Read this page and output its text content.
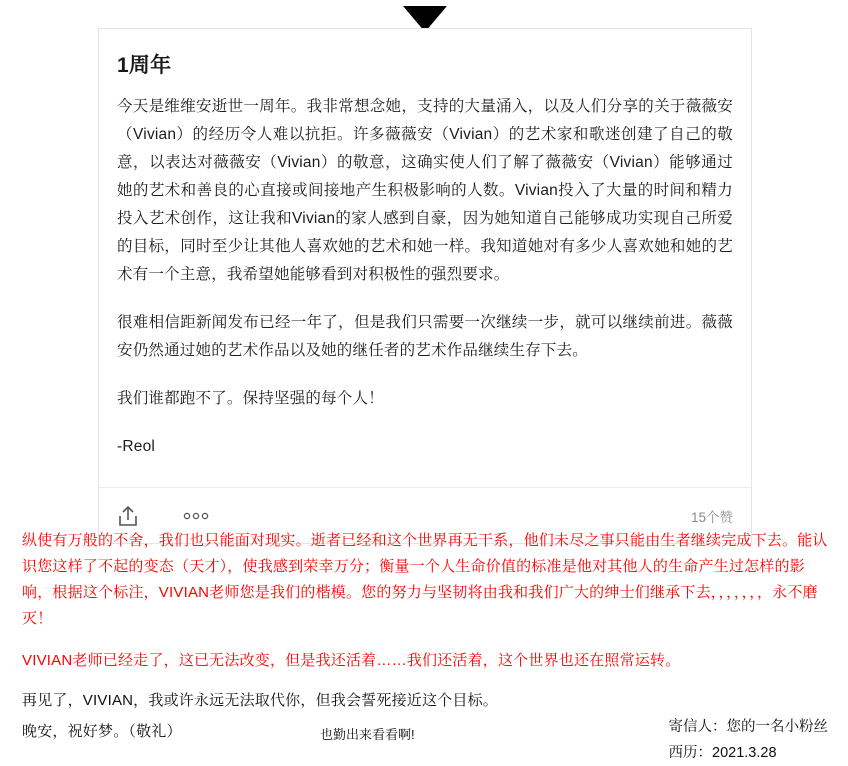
1周年

今天是维维安逝世一周年。我非常想念她，支持的大量涌入，以及人们分享的关于薇薇安（Vivian）的经历令人难以抗拒。许多薇薇安（Vivian）的艺术家和歌迷创建了自己的敬意，以表达对薇薇安（Vivian）的敬意，这确实使人们了解了薇薇安（Vivian）能够通过她的艺术和善良的心直接或间接地产生积极影响的人数。Vivian投入了大量的时间和精力投入艺术创作，这让我和Vivian的家人感到自豪，因为她知道自己能够成功实现自己所爱的目标，同时至少让其他人喜欢她的艺术和她一样。我知道她对有多少人喜欢她和她的艺术有一个主意，我希望她能够看到对积极性的强烈要求。

很难相信距新闻发布已经一年了，但是我们只需要一次继续一步，就可以继续前进。薇薇安仍然通过她的艺术作品以及她的继任者的艺术作品继续生存下去。

我们谁都跑不了。保持坚强的每个人！

-Reol

15个赞

纵使有万般的不舍，我们也只能面对现实。逝者已经和这个世界再无干系，他们未尽之事只能由生者继续完成下去。能认识您这样了不起的变态（天才），使我感到荣幸万分；衡量一个人生命价值的标准是他对其他人的生命产生过怎样的影响，根据这个标注，VIVIAN老师您是我们的楷模。您的努力与坚韧将由我和我们广大的绅士们继承下去，，，，，，，永不磨灭！

VIVIAN老师已经走了，这已无法改变，但是我还活着……我们还活着，这个世界也还在照常运转。

再见了，VIVIAN，我或许永远无法取代你，但我会誓死接近这个目标。

晚安，祝好梦。（敬礼）	也勤出来看看啊!	寄信人：您的一名小粉丝
西历：2021.3.28
